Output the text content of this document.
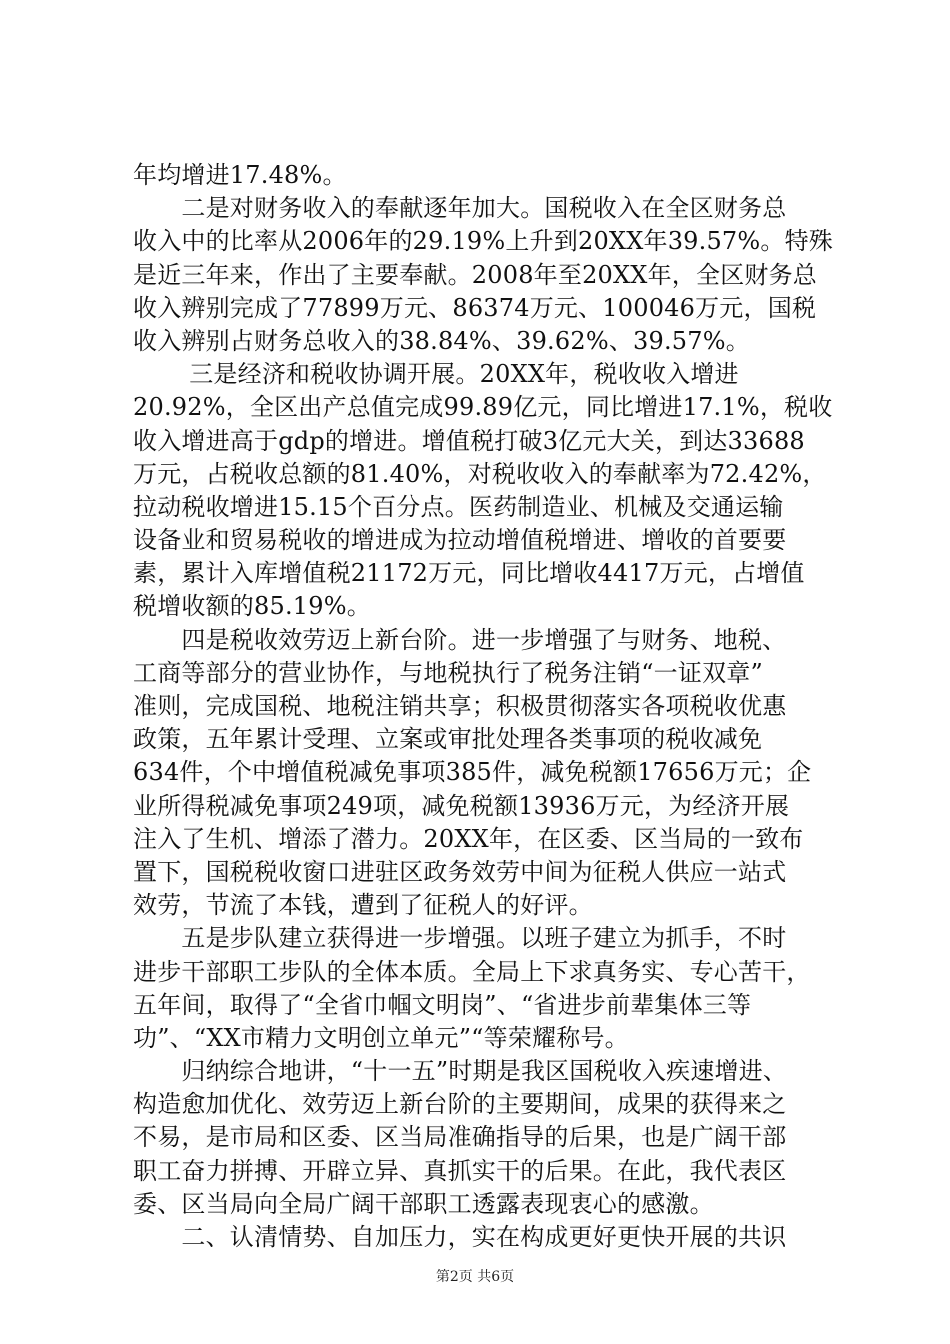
年均增进17.48%。
　　二是对财务收入的奉献逐年加大。国税收入在全区财务总
收入中的比率从2006年的29.19%上升到20XX年39.57%。特殊
是近三年来，作出了主要奉献。2008年至20XX年，全区财务总
收入辨别完成了77899万元、86374万元、100046万元，国税
收入辨别占财务总收入的38.84%、39.62%、39.57%。
　　 三是经济和税收协调开展。20XX年，税收收入增进
20.92%，全区出产总值完成99.89亿元，同比增进17.1%，税收
收入增进高于gdp的增进。增值税打破3亿元大关，到达33688
万元，占税收总额的81.40%，对税收收入的奉献率为72.42%，
拉动税收增进15.15个百分点。医药制造业、机械及交通运输
设备业和贸易税收的增进成为拉动增值税增进、增收的首要要
素，累计入库增值税21172万元，同比增收4417万元，占增值
税增收额的85.19%。
　　四是税收效劳迈上新台阶。进一步增强了与财务、地税、
工商等部分的营业协作，与地税执行了税务注销“一证双章”
准则，完成国税、地税注销共享；积极贯彻落实各项税收优惠
政策，五年累计受理、立案或审批处理各类事项的税收减免
634件，个中增值税减免事项385件，减免税额17656万元；企
业所得税减免事项249项，减免税额13936万元，为经济开展
注入了生机、增添了潜力。20XX年，在区委、区当局的一致布
置下，国税税收窗口进驻区政务效劳中间为征税人供应一站式
效劳，节流了本钱，遭到了征税人的好评。
　　五是步队建立获得进一步增强。以班子建立为抓手，不时
进步干部职工步队的全体本质。全局上下求真务实、专心苦干，
五年间，取得了“全省巾帼文明岗”、“省进步前辈集体三等
功”、“XX市精力文明创立单元”“等荣耀称号。
　　归纳综合地讲，“十一五”时期是我区国税收入疾速增进、
构造愈加优化、效劳迈上新台阶的主要期间，成果的获得来之
不易，是市局和区委、区当局准确指导的后果，也是广阔干部
职工奋力拼搏、开辟立异、真抓实干的后果。在此，我代表区
委、区当局向全局广阔干部职工透露表现衷心的感激。
　　二、认清情势、自加压力，实在构成更好更快开展的共识
第2页 共6页
